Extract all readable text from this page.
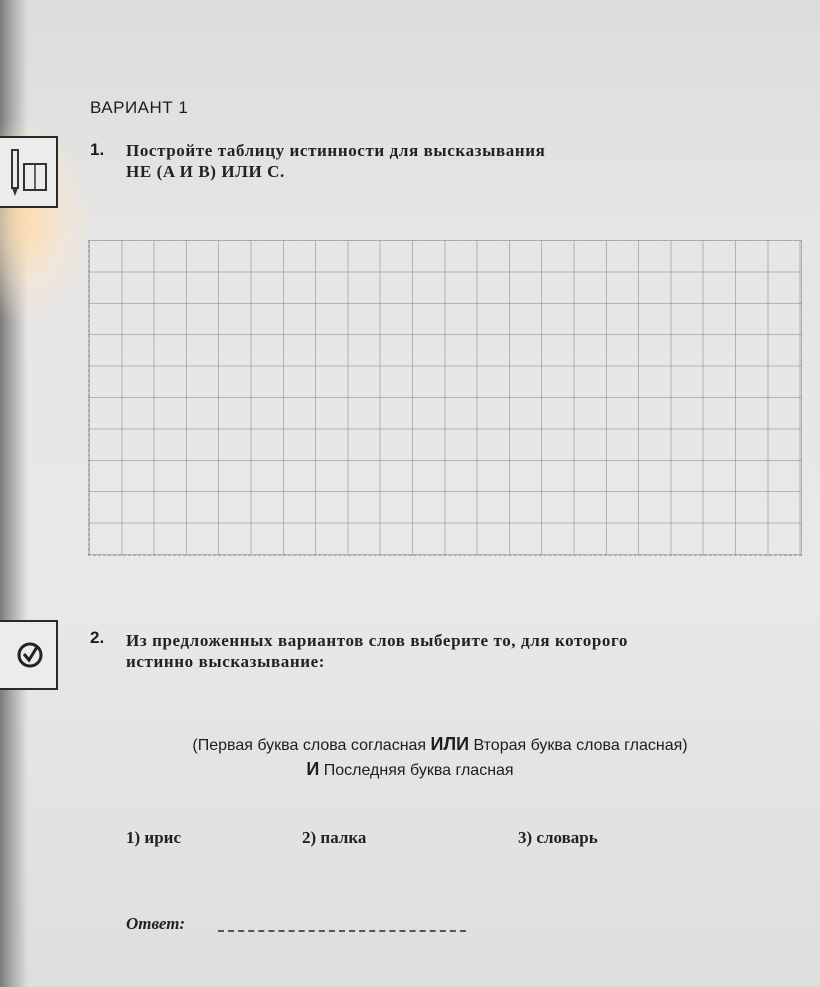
ВАРИАНТ 1
1. Постройте таблицу истинности для высказывания
НЕ (A И B) ИЛИ C.
2. Из предложенных вариантов слов выберите то, для которого
истинно высказывание:
(Первая буква слова согласная ИЛИ Вторая буква слова гласная)
И Последняя буква гласная
1) ирис	2) палка	3) словарь
Ответ:
